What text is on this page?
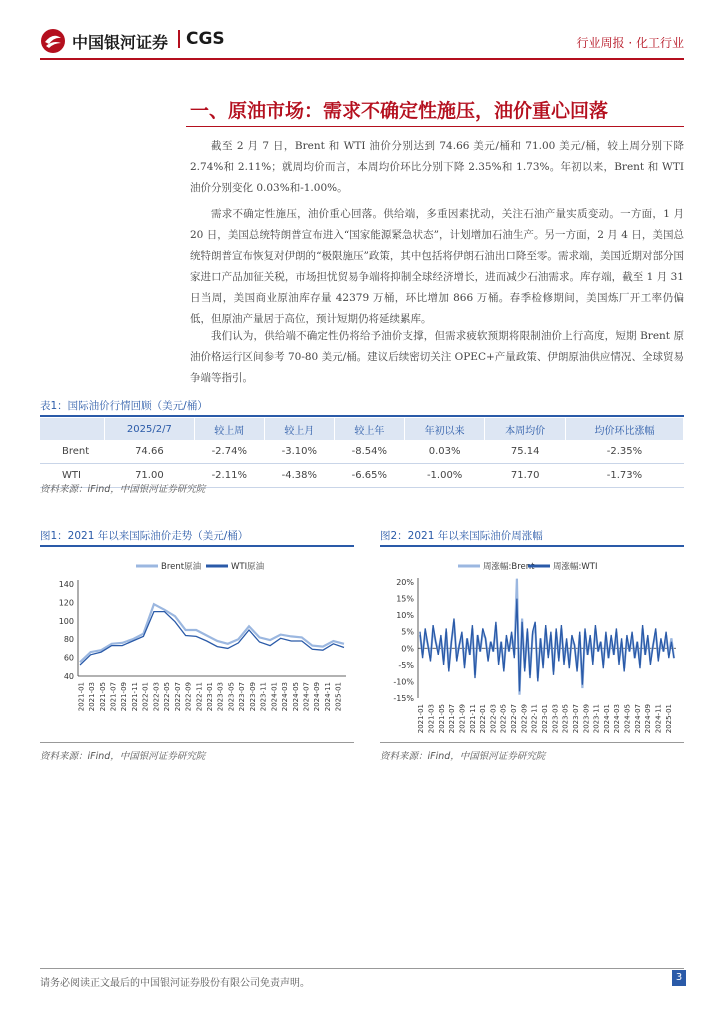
中国银河证券 CGS	行业周报 · 化工行业
一、原油市场：需求不确定性施压，油价重心回落

截至 2 月 7 日，Brent 和 WTI 油价分别达到 74.66 美元/桶和 71.00 美元/桶，较上周分别下降 2.74%和 2.11%；就周均价而言，本周均价环比分别下降 2.35%和 1.73%。年初以来，Brent 和 WTI 油价分别变化 0.03%和-1.00%。

需求不确定性施压，油价重心回落。供给端，多重因素扰动，关注石油产量实质变动。一方面，1 月 20 日，美国总统特朗普宣布进入“国家能源紧急状态”，计划增加石油生产。另一方面，2 月 4 日，美国总统特朗普宣布恢复对伊朗的“极限施压”政策，其中包括将伊朗石油出口降至零。需求端，美国近期对部分国家进口产品加征关税，市场担忧贸易争端将抑制全球经济增长，进而减少石油需求。库存端，截至 1 月 31 日当周，美国商业原油库存量 42379 万桶，环比增加 866 万桶。春季检修期间，美国炼厂开工率仍偏低，但原油产量居于高位，预计短期仍将延续累库。

我们认为，供给端不确定性仍将给予油价支撑，但需求疲软预期将限制油价上行高度，短期 Brent 原油价格运行区间参考 70-80 美元/桶。建议后续密切关注 OPEC+产量政策、伊朗原油供应情况、全球贸易争端等指引。

表1：国际油价行情回顾（美元/桶）
	2025/2/7	较上周	较上月	较上年	年初以来	本周均价	均价环比涨幅
Brent	74.66	-2.74%	-3.10%	-8.54%	0.03%	75.14	-2.35%
WTI	71.00	-2.11%	-4.38%	-6.65%	-1.00%	71.70	-1.73%
资料来源：iFind，中国银河证券研究院
图1：2021 年以来国际油价走势（美元/桶）
Brent原油	WTI原油
40
60
80
100
120
140
2021-01 2021-03 2021-05 2021-07 2021-09 2021-11 2022-01 2022-03 2022-05 2022-07 2022-09 2022-11 2023-01 2023-03 2023-05 2023-07 2023-09 2023-11 2024-01 2024-03 2024-05 2024-07 2024-09 2024-11 2025-01
资料来源：iFind，中国银河证券研究院
图2：2021 年以来国际油价周涨幅
周涨幅:Brent 周涨幅:WTI
-15%
-10%
-5%
0%
5%
10%
15%
20%
2021-01 2021-03 2021-05 2021-07 2021-09 2021-11 2022-01 2022-03 2022-05 2022-07 2022-09 2022-11 2023-01 2023-03 2023-05 2023-07 2023-09 2023-11 2024-01 2024-03 2024-05 2024-07 2024-09 2024-11 2025-01
资料来源：iFind，中国银河证券研究院
请务必阅读正文最后的中国银河证券股份有限公司免责声明。
3
